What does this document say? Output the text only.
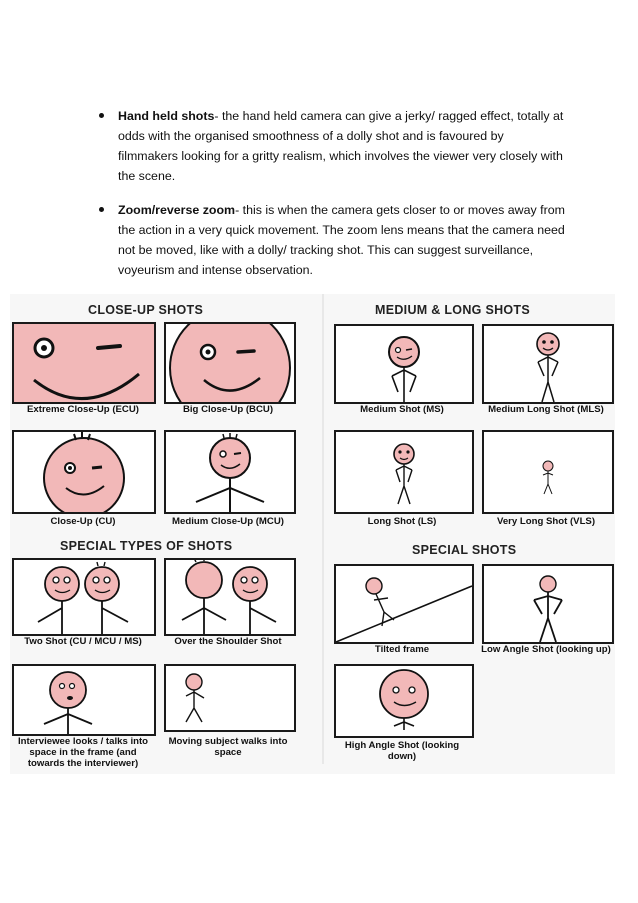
Hand held shots- the hand held camera can give a jerky/ ragged effect, totally at odds with the organised smoothness of a dolly shot and is favoured by filmmakers looking for a gritty realism, which involves the viewer very closely with the scene.
Zoom/reverse zoom- this is when the camera gets closer to or moves away from the action in a very quick movement. The zoom lens means that the camera need not be moved, like with a dolly/ tracking shot. This can suggest surveillance, voyeurism and intense observation.
CLOSE-UP SHOTS	MEDIUM & LONG SHOTS
SPECIAL TYPES OF SHOTS	SPECIAL SHOTS
Extreme Close-Up (ECU)	Big Close-Up (BCU)
Close-Up (CU)	Medium Close-Up (MCU)
Medium Shot (MS)	Medium Long Shot (MLS)
Long Shot (LS)	Very Long Shot (VLS)
Two Shot (CU / MCU / MS)	Over the Shoulder Shot
Interviewee looks / talks into space in the frame (and towards the interviewer)
Moving subject walks into space
Tilted frame	Low Angle Shot (looking up)
High Angle Shot (looking down)
